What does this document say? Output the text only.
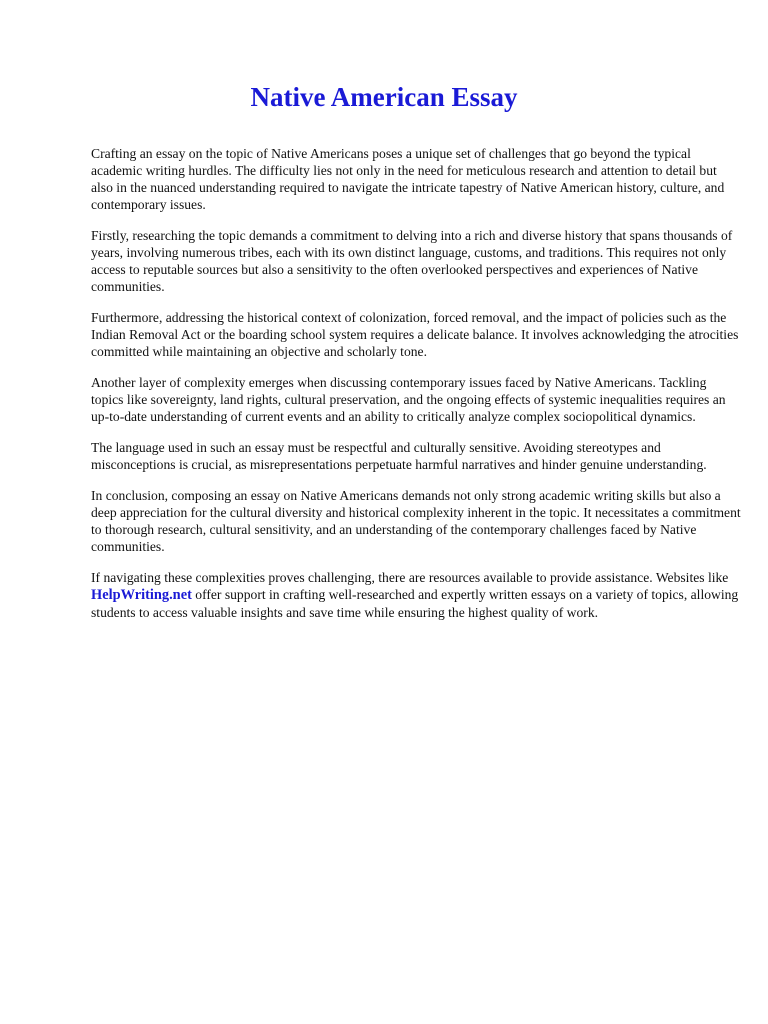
Native American Essay

Crafting an essay on the topic of Native Americans poses a unique set of challenges that go beyond the typical academic writing hurdles. The difficulty lies not only in the need for meticulous research and attention to detail but also in the nuanced understanding required to navigate the intricate tapestry of Native American history, culture, and contemporary issues.

Firstly, researching the topic demands a commitment to delving into a rich and diverse history that spans thousands of years, involving numerous tribes, each with its own distinct language, customs, and traditions. This requires not only access to reputable sources but also a sensitivity to the often overlooked perspectives and experiences of Native communities.

Furthermore, addressing the historical context of colonization, forced removal, and the impact of policies such as the Indian Removal Act or the boarding school system requires a delicate balance. It involves acknowledging the atrocities committed while maintaining an objective and scholarly tone.

Another layer of complexity emerges when discussing contemporary issues faced by Native Americans. Tackling topics like sovereignty, land rights, cultural preservation, and the ongoing effects of systemic inequalities requires an up-to-date understanding of current events and an ability to critically analyze complex sociopolitical dynamics.

The language used in such an essay must be respectful and culturally sensitive. Avoiding stereotypes and misconceptions is crucial, as misrepresentations perpetuate harmful narratives and hinder genuine understanding.

In conclusion, composing an essay on Native Americans demands not only strong academic writing skills but also a deep appreciation for the cultural diversity and historical complexity inherent in the topic. It necessitates a commitment to thorough research, cultural sensitivity, and an understanding of the contemporary challenges faced by Native communities.

If navigating these complexities proves challenging, there are resources available to provide assistance. Websites like HelpWriting.net offer support in crafting well-researched and expertly written essays on a variety of topics, allowing students to access valuable insights and save time while ensuring the highest quality of work.
